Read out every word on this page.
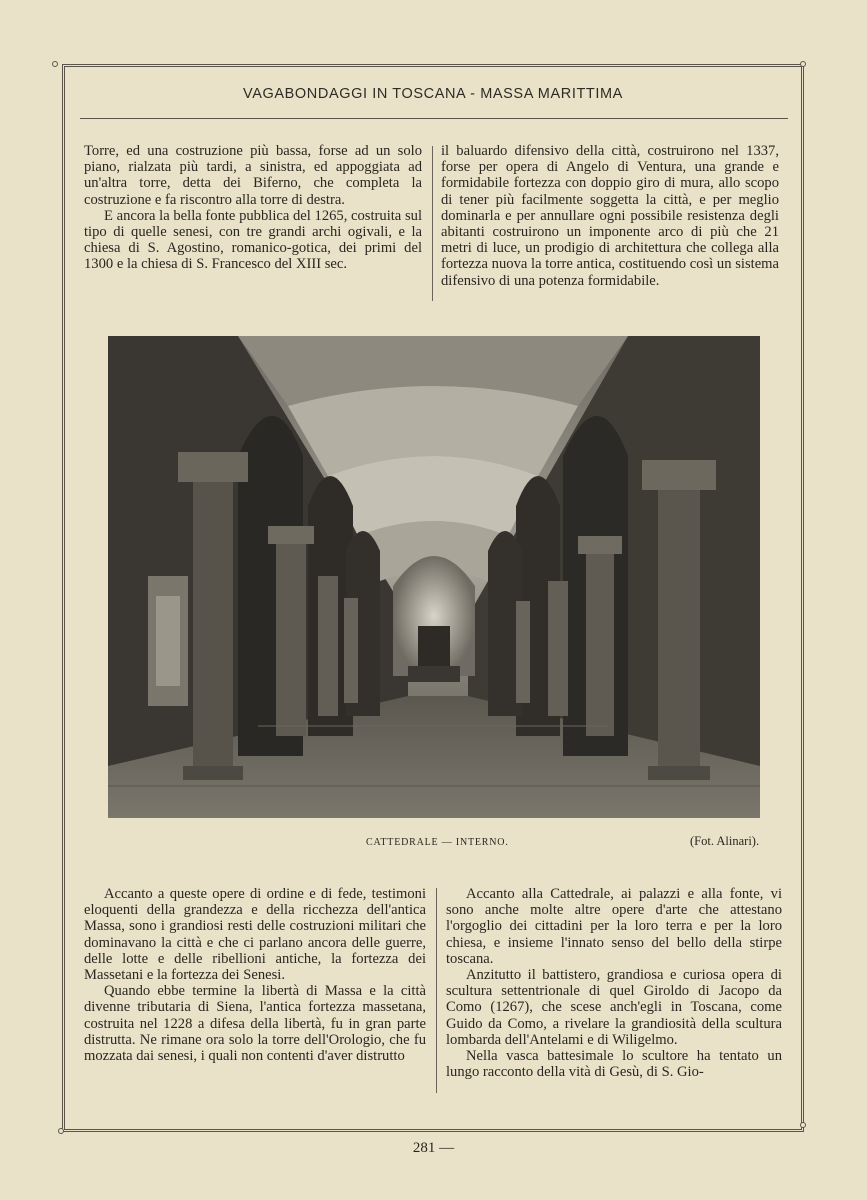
VAGABONDAGGI IN TOSCANA - MASSA MARITTIMA

Torre, ed una costruzione più bassa, forse ad un solo piano, rialzata più tardi, a sinistra, ed appoggiata ad un'altra torre, detta dei Biferno, che completa la costruzione e fa riscontro alla torre di destra.

E ancora la bella fonte pubblica del 1265, costruita sul tipo di quelle senesi, con tre grandi archi ogivali, e la chiesa di S. Agostino, romanico-gotica, dei primi del 1300 e la chiesa di S. Francesco del XIII sec.

il baluardo difensivo della città, costruirono nel 1337, forse per opera di Angelo di Ventura, una grande e formidabile fortezza con doppio giro di mura, allo scopo di tener più facilmente soggetta la città, e per meglio dominarla e per annullare ogni possibile resistenza degli abitanti costruirono un imponente arco di più che 21 metri di luce, un prodigio di architettura che collega alla fortezza nuova la torre antica, costituendo così un sistema difensivo di una potenza formidabile.

CATTEDRALE — INTERNO.	(Fot. Alinari).

Accanto a queste opere di ordine e di fede, testimoni eloquenti della grandezza e della ricchezza dell'antica Massa, sono i grandiosi resti delle costruzioni militari che dominavano la città e che ci parlano ancora delle guerre, delle lotte e delle ribellioni antiche, la fortezza dei Massetani e la fortezza dei Senesi.

Quando ebbe termine la libertà di Massa e la città divenne tributaria di Siena, l'antica fortezza massetana, costruita nel 1228 a difesa della libertà, fu in gran parte distrutta. Ne rimane ora solo la torre dell'Orologio, che fu mozzata dai senesi, i quali non contenti d'aver distrutto

Accanto alla Cattedrale, ai palazzi e alla fonte, vi sono anche molte altre opere d'arte che attestano l'orgoglio dei cittadini per la loro terra e per la loro chiesa, e insieme l'innato senso del bello della stirpe toscana.

Anzitutto il battistero, grandiosa e curiosa opera di scultura settentrionale di quel Giroldo di Jacopo da Como (1267), che scese anch'egli in Toscana, come Guido da Como, a rivelare la grandiosità della scultura lombarda dell'Antelami e di Wiligelmo.

Nella vasca battesimale lo scultore ha tentato un lungo racconto della vità di Gesù, di S. Gio-

281 —
